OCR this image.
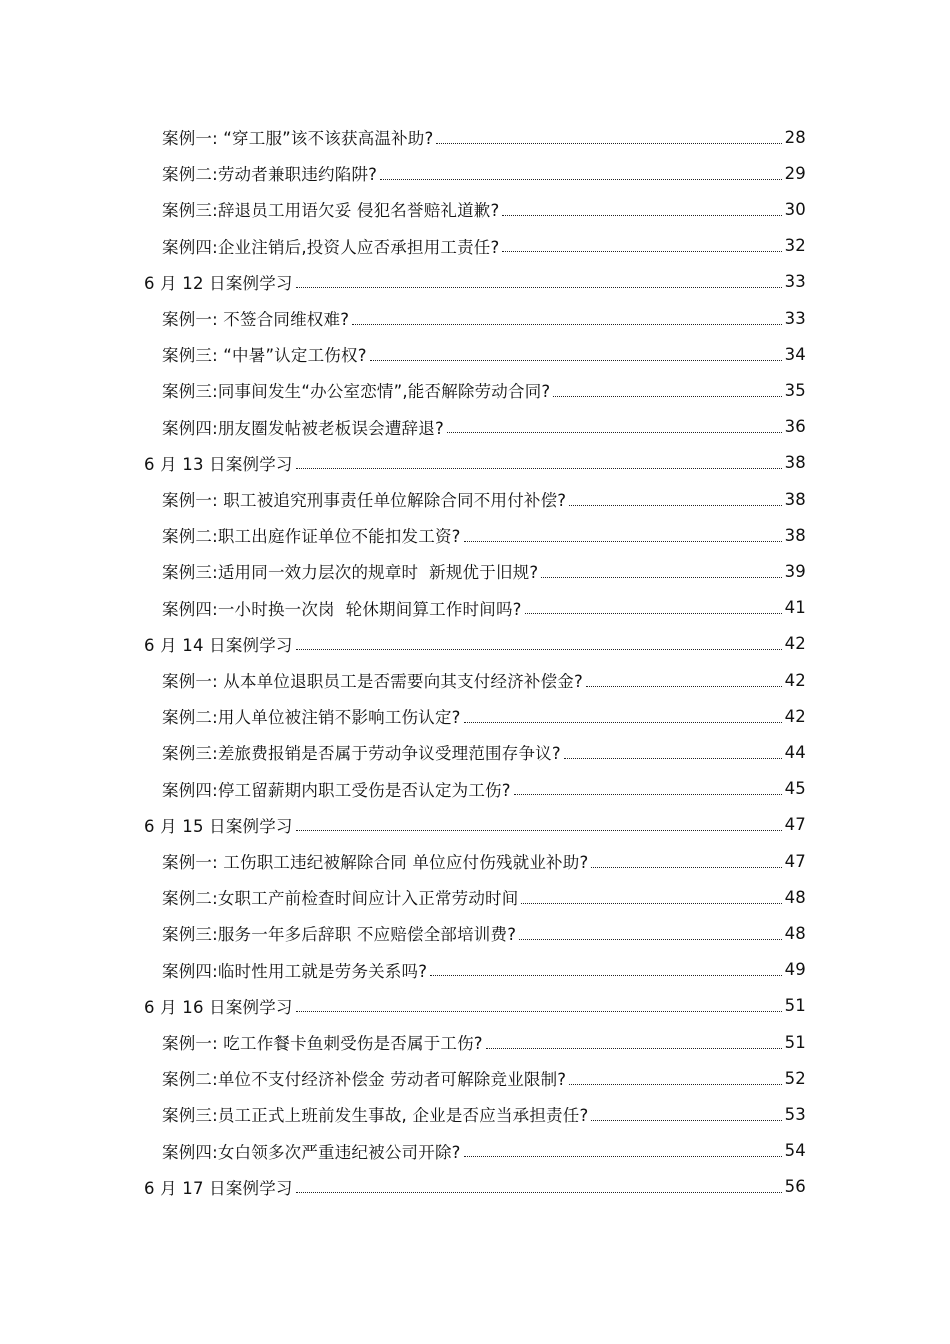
案例一: “穿工服”该不该获高温补助?	28
案例二:劳动者兼职违约陷阱?	29
案例三:辞退员工用语欠妥 侵犯名誉赔礼道歉?	30
案例四:企业注销后,投资人应否承担用工责任?	32
6 月 12 日案例学习	33
案例一: 不签合同维权难?	33
案例三: “中暑”认定工伤权?	34
案例三:同事间发生“办公室恋情”,能否解除劳动合同?	35
案例四:朋友圈发帖被老板误会遭辞退?	36
6 月 13 日案例学习	38
案例一: 职工被追究刑事责任单位解除合同不用付补偿?	38
案例二:职工出庭作证单位不能扣发工资?	38
案例三:适用同一效力层次的规章时  新规优于旧规?	39
案例四:一小时换一次岗  轮休期间算工作时间吗?	41
6 月 14 日案例学习	42
案例一: 从本单位退职员工是否需要向其支付经济补偿金?	42
案例二:用人单位被注销不影响工伤认定?	42
案例三:差旅费报销是否属于劳动争议受理范围存争议?	44
案例四:停工留薪期内职工受伤是否认定为工伤?	45
6 月 15 日案例学习	47
案例一: 工伤职工违纪被解除合同 单位应付伤残就业补助?	47
案例二:女职工产前检查时间应计入正常劳动时间	48
案例三:服务一年多后辞职 不应赔偿全部培训费?	48
案例四:临时性用工就是劳务关系吗?	49
6 月 16 日案例学习	51
案例一: 吃工作餐卡鱼刺受伤是否属于工伤?	51
案例二:单位不支付经济补偿金 劳动者可解除竞业限制?	52
案例三:员工正式上班前发生事故, 企业是否应当承担责任?	53
案例四:女白领多次严重违纪被公司开除?	54
6 月 17 日案例学习	56
